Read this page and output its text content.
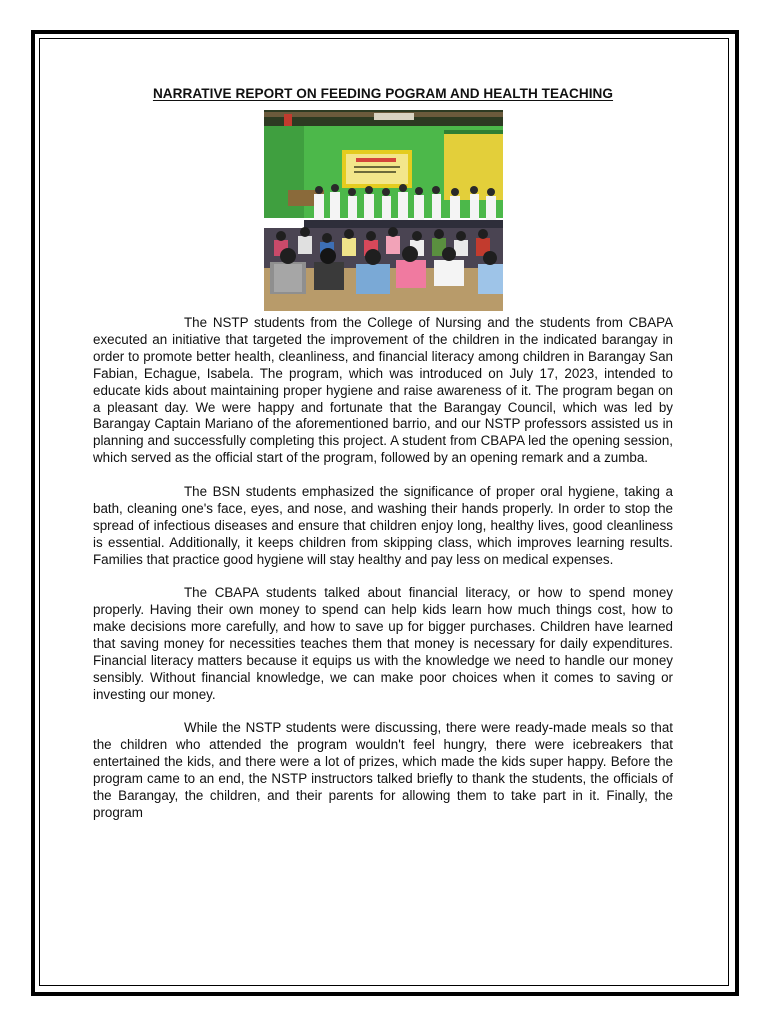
NARRATIVE REPORT ON FEEDING POGRAM AND HEALTH TEACHING

The NSTP students from the College of Nursing and the students from CBAPA executed an initiative that targeted the improvement of the children in the indicated barangay in order to promote better health, cleanliness, and financial literacy among children in Barangay San Fabian, Echague, Isabela. The program, which was introduced on July 17, 2023, intended to educate kids about maintaining proper hygiene and raise awareness of it. The program began on a pleasant day. We were happy and fortunate that the Barangay Council, which was led by Barangay Captain Mariano of the aforementioned barrio, and our NSTP professors assisted us in planning and successfully completing this project. A student from CBAPA led the opening session, which served as the official start of the program, followed by an opening remark and a zumba.

The BSN students emphasized the significance of proper oral hygiene, taking a bath, cleaning one's face, eyes, and nose, and washing their hands properly. In order to stop the spread of infectious diseases and ensure that children enjoy long, healthy lives, good cleanliness is essential. Additionally, it keeps children from skipping class, which improves learning results. Families that practice good hygiene will stay healthy and pay less on medical expenses.

The CBAPA students talked about financial literacy, or how to spend money properly. Having their own money to spend can help kids learn how much things cost, how to make decisions more carefully, and how to save up for bigger purchases. Children have learned that saving money for necessities teaches them that money is necessary for daily expenditures. Financial literacy matters because it equips us with the knowledge we need to handle our money sensibly. Without financial knowledge, we can make poor choices when it comes to saving or investing our money.

While the NSTP students were discussing, there were ready-made meals so that the children who attended the program wouldn't feel hungry, there were icebreakers that entertained the kids, and there were a lot of prizes, which made the kids super happy. Before the program came to an end, the NSTP instructors talked briefly to thank the students, the officials of the Barangay, the children, and their parents for allowing them to take part in it. Finally, the program
